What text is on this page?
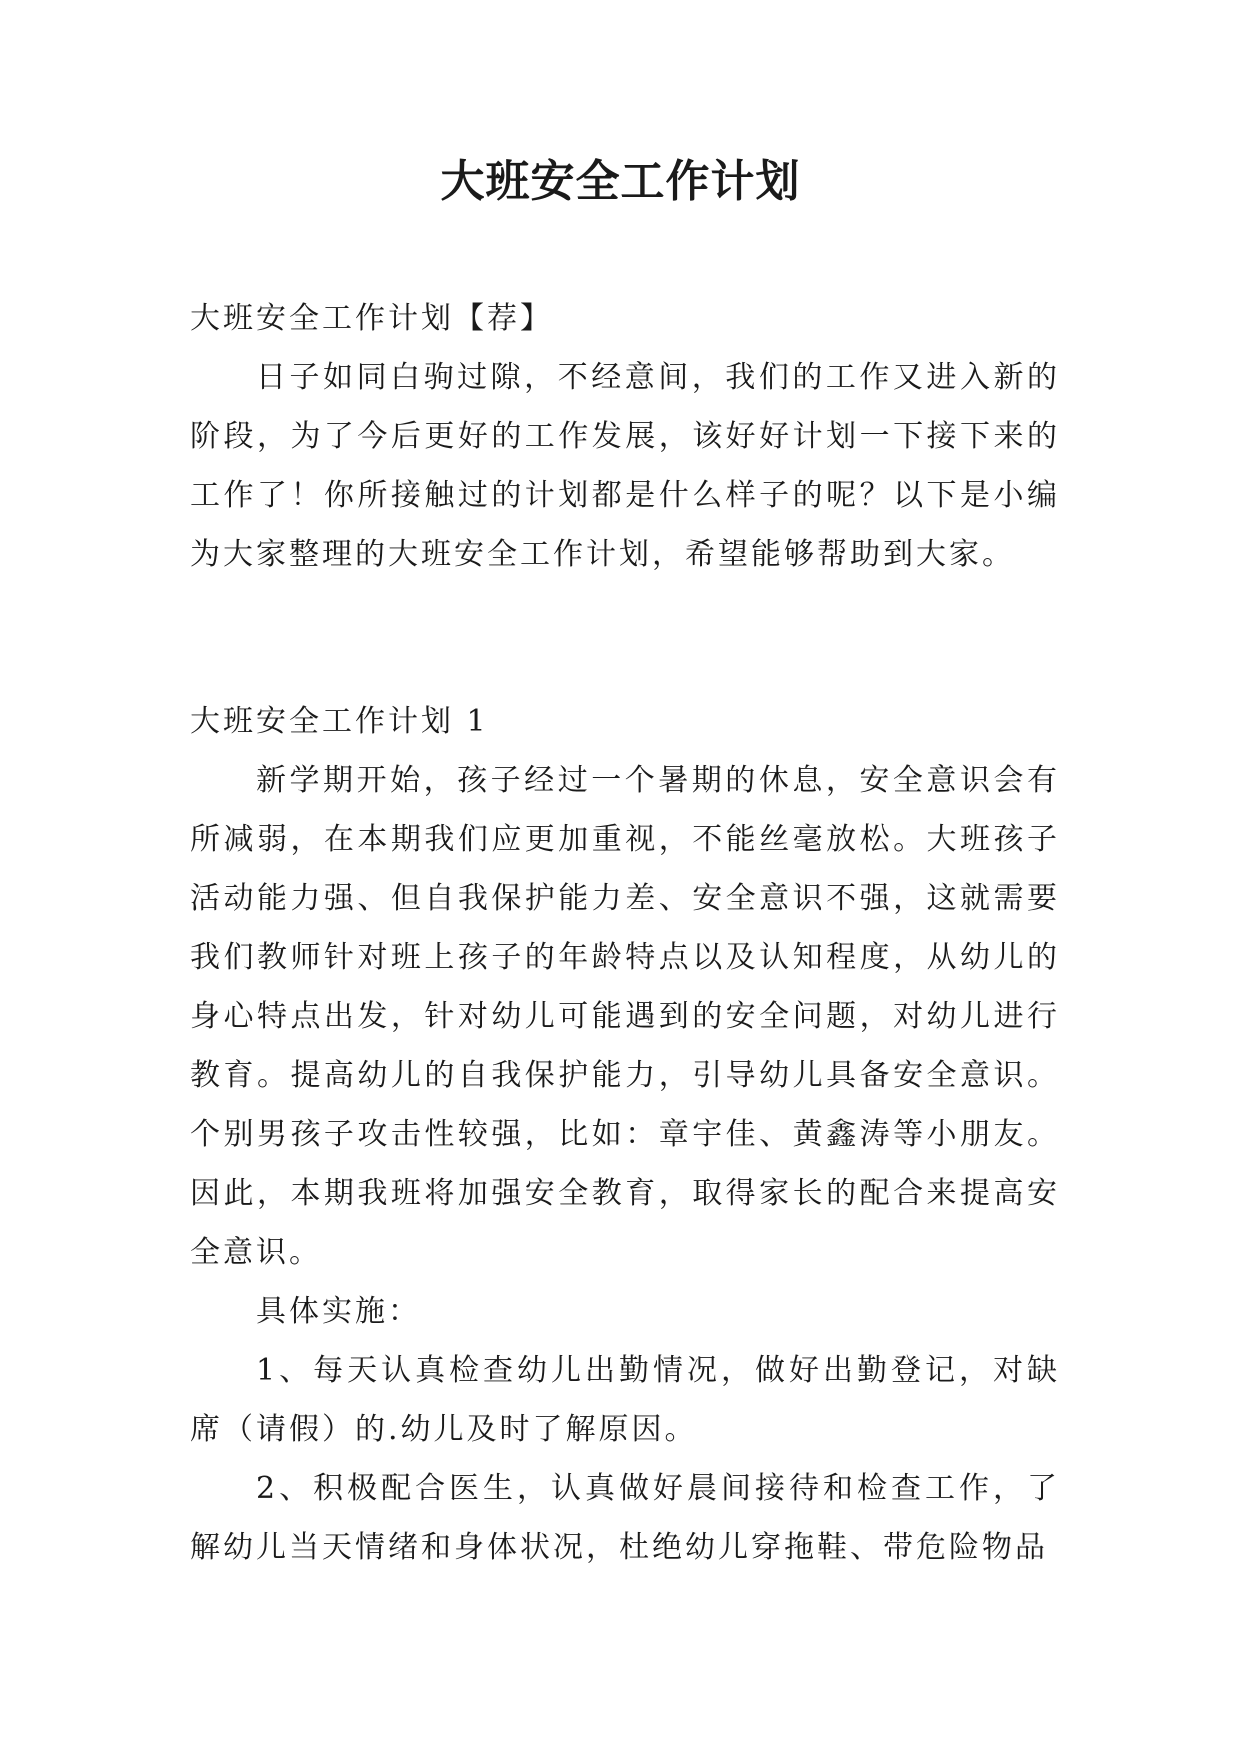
大班安全工作计划

大班安全工作计划【荐】

日子如同白驹过隙，不经意间，我们的工作又进入新的阶段，为了今后更好的工作发展，该好好计划一下接下来的工作了！你所接触过的计划都是什么样子的呢？以下是小编为大家整理的大班安全工作计划，希望能够帮助到大家。

大班安全工作计划 1

新学期开始，孩子经过一个暑期的休息，安全意识会有所减弱，在本期我们应更加重视，不能丝毫放松。大班孩子活动能力强、但自我保护能力差、安全意识不强，这就需要我们教师针对班上孩子的年龄特点以及认知程度，从幼儿的身心特点出发，针对幼儿可能遇到的安全问题，对幼儿进行教育。提高幼儿的自我保护能力，引导幼儿具备安全意识。个别男孩子攻击性较强，比如：章宇佳、黄鑫涛等小朋友。因此，本期我班将加强安全教育，取得家长的配合来提高安全意识。

具体实施：

1、每天认真检查幼儿出勤情况，做好出勤登记，对缺席（请假）的.幼儿及时了解原因。

2、积极配合医生，认真做好晨间接待和检查工作，了解幼儿当天情绪和身体状况，杜绝幼儿穿拖鞋、带危险物品
